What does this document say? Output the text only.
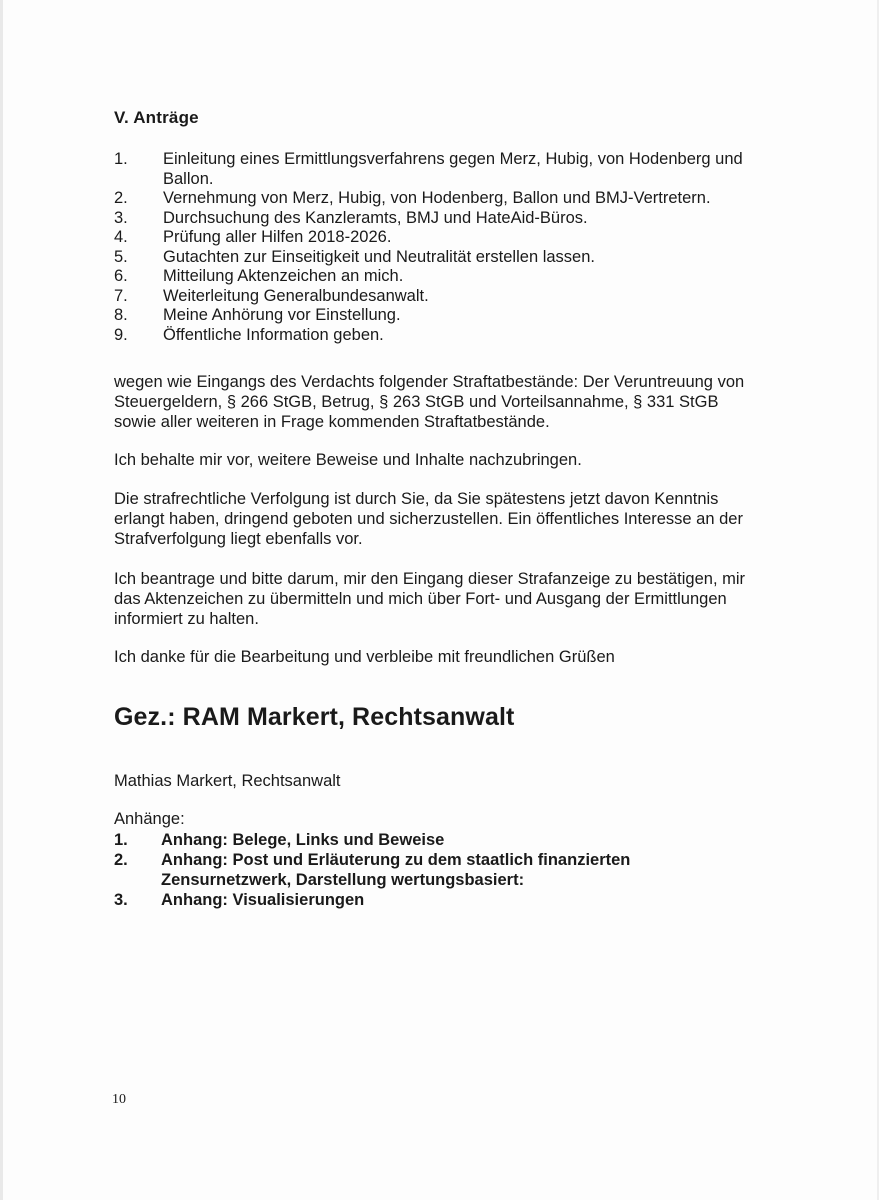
V. Anträge
1.	Einleitung eines Ermittlungsverfahrens gegen Merz, Hubig, von Hodenberg und Ballon.
2.	Vernehmung von Merz, Hubig, von Hodenberg, Ballon und BMJ-Vertretern.
3.	Durchsuchung des Kanzleramts, BMJ und HateAid-Büros.
4.	Prüfung aller Hilfen 2018-2026.
5.	Gutachten zur Einseitigkeit und Neutralität erstellen lassen.
6.	Mitteilung Aktenzeichen an mich.
7.	Weiterleitung Generalbundesanwalt.
8.	Meine Anhörung vor Einstellung.
9.	Öffentliche Information geben.

wegen wie Eingangs des Verdachts folgender Straftatbestände: Der Veruntreuung von Steuergeldern, § 266 StGB, Betrug, § 263 StGB und Vorteilsannahme, § 331 StGB sowie aller weiteren in Frage kommenden Straftatbestände.

Ich behalte mir vor, weitere Beweise und Inhalte nachzubringen.

Die strafrechtliche Verfolgung ist durch Sie, da Sie spätestens jetzt davon Kenntnis erlangt haben, dringend geboten und sicherzustellen. Ein öffentliches Interesse an der Strafverfolgung liegt ebenfalls vor.

Ich beantrage und bitte darum, mir den Eingang dieser Strafanzeige zu bestätigen, mir das Aktenzeichen zu übermitteln und mich über Fort- und Ausgang der Ermittlungen informiert zu halten.

Ich danke für die Bearbeitung und verbleibe mit freundlichen Grüßen

Gez.: RAM Markert, Rechtsanwalt
Mathias Markert, Rechtsanwalt
Anhänge:
1.	Anhang: Belege, Links und Beweise
2.	Anhang: Post und Erläuterung zu dem staatlich finanzierten Zensurnetzwerk, Darstellung wertungsbasiert:
3.	Anhang: Visualisierungen
10
